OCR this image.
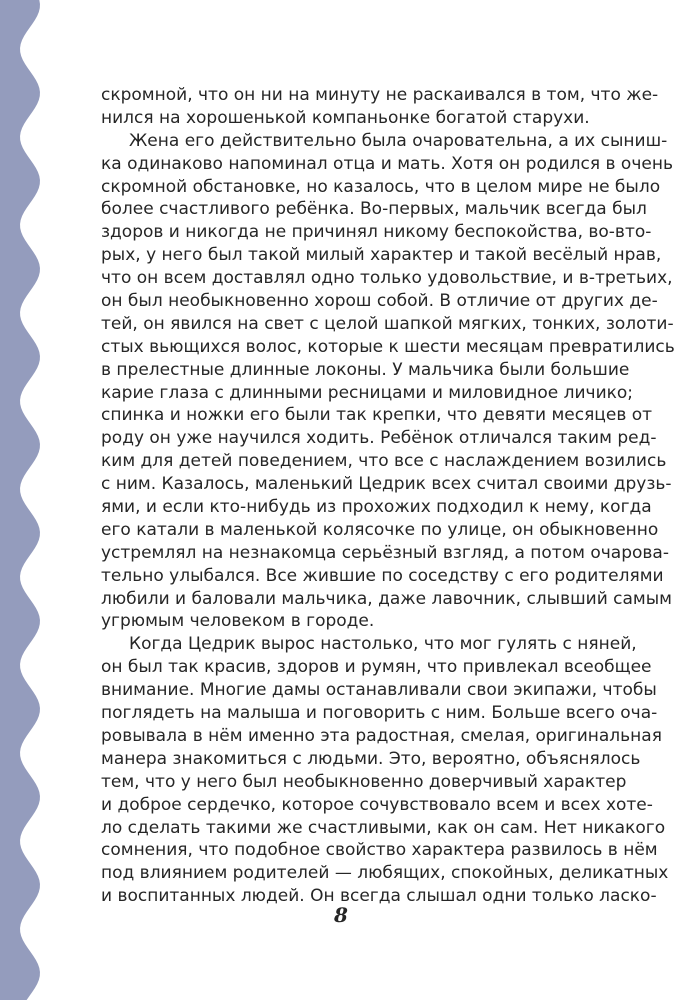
скромной, что он ни на минуту не раскаивался в том, что же-
нился на хорошенькой компаньонке богатой старухи.

Жена его действительно была очаровательна, а их сыниш-
ка одинаково напоминал отца и мать. Хотя он родился в очень
скромной обстановке, но казалось, что в целом мире не было
более счастливого ребёнка. Во-первых, мальчик всегда был
здоров и никогда не причинял никому беспокойства, во-вто-
рых, у него был такой милый характер и такой весёлый нрав,
что он всем доставлял одно только удовольствие, и в-третьих,
он был необыкновенно хорош собой. В отличие от других де-
тей, он явился на свет с целой шапкой мягких, тонких, золоти-
стых вьющихся волос, которые к шести месяцам превратились
в прелестные длинные локоны. У мальчика были большие
карие глаза с длинными ресницами и миловидное личико;
спинка и ножки его были так крепки, что девяти месяцев от
роду он уже научился ходить. Ребёнок отличался таким ред-
ким для детей поведением, что все с наслаждением возились
с ним. Казалось, маленький Цедрик всех считал своими друзь-
ями, и если кто-нибудь из прохожих подходил к нему, когда
его катали в маленькой колясочке по улице, он обыкновенно
устремлял на незнакомца серьёзный взгляд, а потом очарова-
тельно улыбался. Все жившие по соседству с его родителями
любили и баловали мальчика, даже лавочник, слывший самым
угрюмым человеком в городе.

Когда Цедрик вырос настолько, что мог гулять с няней,
он был так красив, здоров и румян, что привлекал всеобщее
внимание. Многие дамы останавливали свои экипажи, чтобы
поглядеть на малыша и поговорить с ним. Больше всего оча-
ровывала в нём именно эта радостная, смелая, оригинальная
манера знакомиться с людьми. Это, вероятно, объяснялось
тем, что у него был необыкновенно доверчивый характер
и доброе сердечко, которое сочувствовало всем и всех хоте-
ло сделать такими же счастливыми, как он сам. Нет никакого
сомнения, что подобное свойство характера развилось в нём
под влиянием родителей — любящих, спокойных, деликатных
и воспитанных людей. Он всегда слышал одни только ласко-

8
